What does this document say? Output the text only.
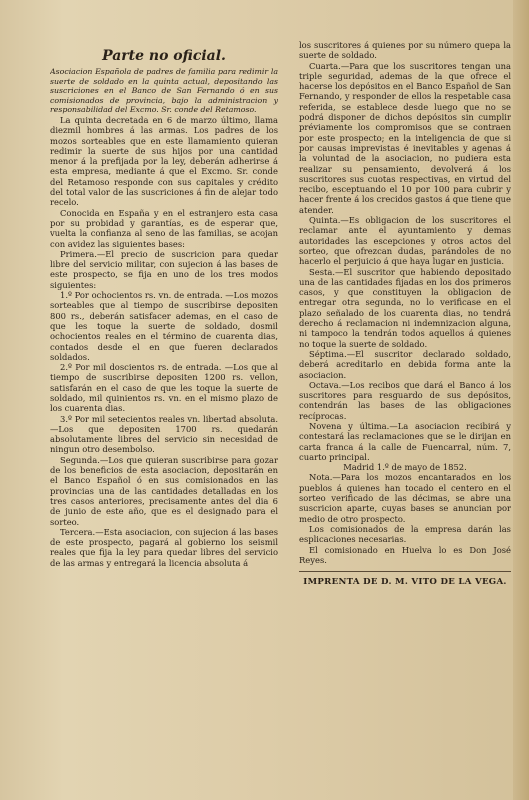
Parte no oficial.

Asociacion Española de padres de familia para redimir la suerte de soldado en la quinta actual, depositando las suscriciones en el Banco de San Fernando ó en sus comisionados de provincia, bajo la administracion y responsabilidad del Excmo. Sr. conde del Retamoso.

La quinta decretada en 6 de marzo último, llama diezmil hombres á las armas. Los padres de los mozos sorteables que en este llamamiento quieran redimir la suerte de sus hijos por una cantidad menor á la prefijada por la ley, deberán adherirse á esta empresa, mediante á que el Excmo. Sr. conde del Retamoso responde con sus capitales y crédito del total valor de las suscriciones á fin de alejar todo recelo.

Conocida en España y en el estranjero esta casa por su probidad y garantías, es de esperar que, vuelta la confianza al seno de las familias, se acojan con avidez las siguientes bases:

Primera.—El precio de suscricion para quedar libre del servicio militar, con sujecion á las bases de este prospecto, se fija en uno de los tres modos siguientes:

1.º Por ochocientos rs. vn. de entrada. —Los mozos sorteables que al tiempo de suscribirse depositen 800 rs., deberán satisfacer ademas, en el caso de que les toque la suerte de soldado, dosmil ochocientos reales en el término de cuarenta dias, contados desde el en que fueren declarados soldados.

2.º Por mil doscientos rs. de entrada. —Los que al tiempo de suscribirse depositen 1200 rs. vellon, satisfarán en el caso de que les toque la suerte de soldado, mil quinientos rs. vn. en el mismo plazo de los cuarenta dias.

3.º Por mil setecientos reales vn. libertad absoluta.—Los que depositen 1700 rs. quedarán absolutamente libres del servicio sin necesidad de ningun otro desembolso.

Segunda.—Los que quieran suscribirse para gozar de los beneficios de esta asociacion, depositarán en el Banco Español ó en sus comisionados en las provincias una de las cantidades detalladas en los tres casos anteriores, precisamente antes del dia 6 de junio de este año, que es el designado para el sorteo.

Tercera.—Esta asociacion, con sujecion á las bases de este prospecto, pagará al gobierno los seismil reales que fija la ley para quedar libres del servicio de las armas y entregará la licencia absoluta á

los suscritores á quienes por su número quepa la suerte de soldado.

Cuarta.—Para que los suscritores tengan una triple seguridad, ademas de la que ofrece el hacerse los depósitos en el Banco Español de San Fernando, y responder de ellos la respetable casa referida, se establece desde luego que no se podrá disponer de dichos depósitos sin cumplir préviamente los compromisos que se contraen por este prospecto; en la inteligencia de que si por causas imprevistas é inevitables y agenas á la voluntad de la asociacion, no pudiera esta realizar su pensamiento, devolverá á los suscritores sus cuotas respectivas, en virtud del recibo, esceptuando el 10 por 100 para cubrir y hacer frente á los crecidos gastos á que tiene que atender.

Quinta.—Es obligacion de los suscritores el reclamar ante el ayuntamiento y demas autoridades las escepciones y otros actos del sorteo, que ofrezcan dudas, parándoles de no hacerlo el perjuicio á que haya lugar en justicia.

Sesta.—El suscritor que habiendo depositado una de las cantidades fijadas en los dos primeros casos, y que constituyen la obligacion de entregar otra segunda, no lo verificase en el plazo señalado de los cuarenta dias, no tendrá derecho á reclamacion ni indemnizacion alguna, ni tampoco la tendrán todos aquellos á quienes no toque la suerte de soldado.

Séptima.—El suscritor declarado soldado, deberá acreditarlo en debida forma ante la asociacion.

Octava.—Los recibos que dará el Banco á los suscritores para resguardo de sus depósitos, contendrán las bases de las obligaciones recíprocas.

Novena y última.—La asociacion recibirá y contestará las reclamaciones que se le dirijan en carta franca á la calle de Fuencarral, núm. 7, cuarto principal.

Madrid 1.º de mayo de 1852.

Nota.—Para los mozos encantarados en los pueblos á quienes han tocado el centero en el sorteo verificado de las décimas, se abre una suscricion aparte, cuyas bases se anuncian por medio de otro prospecto.

Los comisionados de la empresa darán las esplicaciones necesarias.

El comisionado en Huelva lo es Don José Reyes.

IMPRENTA DE D. M. VITO DE LA VEGA.
